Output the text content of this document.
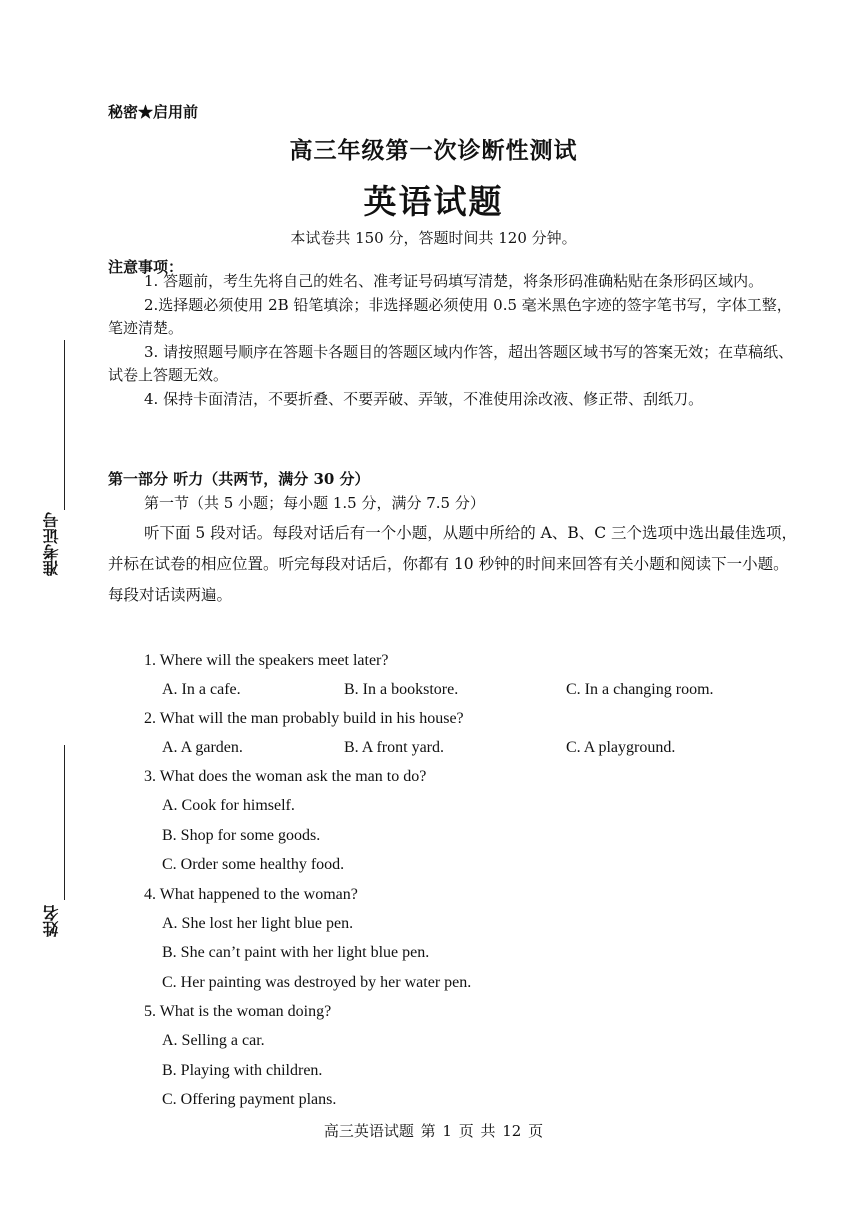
秘密★启用前
高三年级第一次诊断性测试
英语试题
本试卷共 150 分，答题时间共 120 分钟。
注意事项：

1. 答题前，考生先将自己的姓名、准考证号码填写清楚，将条形码准确粘贴在条形码区域内。

2.选择题必须使用 2B 铅笔填涂；非选择题必须使用 0.5 毫米黑色字迹的签字笔书写，字体工整，笔迹清楚。

3. 请按照题号顺序在答题卡各题目的答题区域内作答，超出答题区域书写的答案无效；在草稿纸、试卷上答题无效。

4. 保持卡面清洁，不要折叠、不要弄破、弄皱，不准使用涂改液、修正带、刮纸刀。

第一部分 听力（共两节，满分 30 分）
第一节（共 5 小题；每小题 1.5 分，满分 7.5 分）
听下面 5 段对话。每段对话后有一个小题，从题中所给的 A、B、C 三个选项中选出最佳选项，并标在试卷的相应位置。听完每段对话后，你都有 10 秒钟的时间来回答有关小题和阅读下一小题。每段对话读两遍。
1. Where will the speakers meet later?
A. In a cafe.	B. In a bookstore.	C. In a changing room.
2. What will the man probably build in his house?
A. A garden.	B. A front yard.	C. A playground.
3. What does the woman ask the man to do?
A. Cook for himself.
B. Shop for some goods.
C. Order some healthy food.
4. What happened to the woman?
A. She lost her light blue pen.
B. She can’t paint with her light blue pen.
C. Her painting was destroyed by her water pen.
5. What is the woman doing?
A. Selling a car.
B. Playing with children.
C. Offering payment plans.
准考证号
姓名
高三英语试题 第 1 页 共 12 页
